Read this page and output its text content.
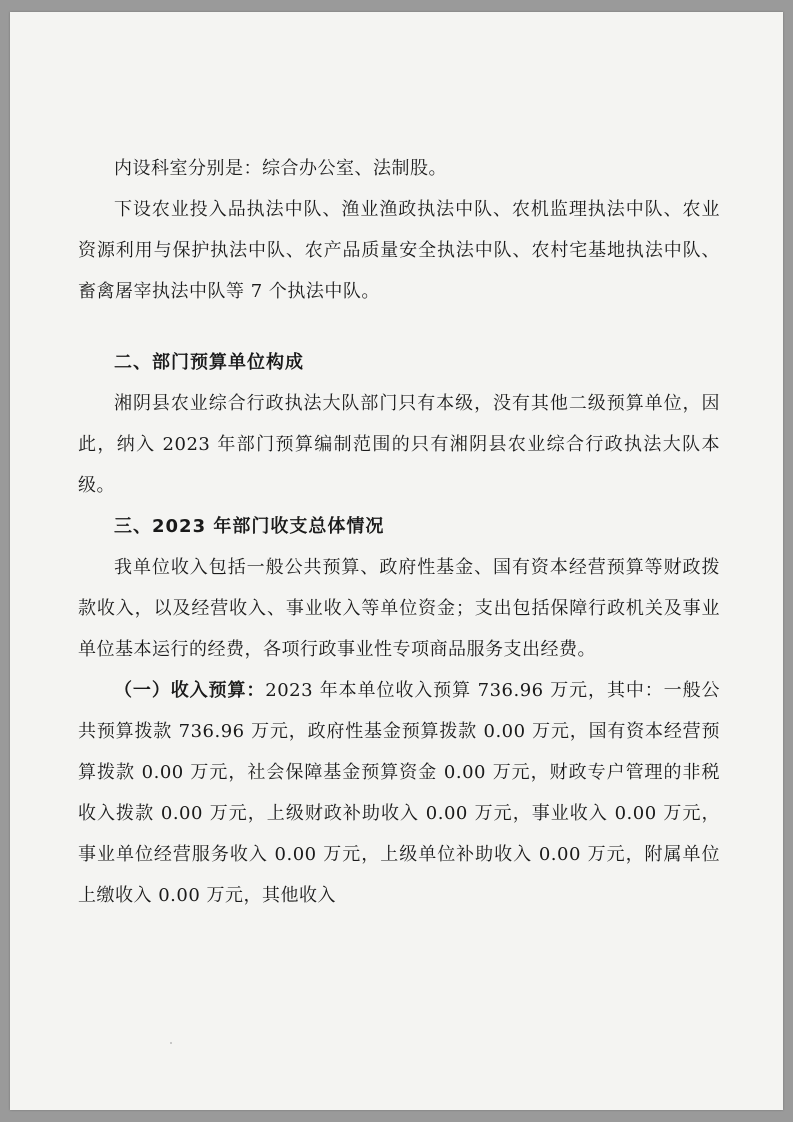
内设科室分别是：综合办公室、法制股。

下设农业投入品执法中队、渔业渔政执法中队、农机监理执法中队、农业资源利用与保护执法中队、农产品质量安全执法中队、农村宅基地执法中队、畜禽屠宰执法中队等 7 个执法中队。

二、部门预算单位构成

湘阴县农业综合行政执法大队部门只有本级，没有其他二级预算单位，因此，纳入 2023 年部门预算编制范围的只有湘阴县农业综合行政执法大队本级。

三、2023 年部门收支总体情况

我单位收入包括一般公共预算、政府性基金、国有资本经营预算等财政拨款收入，以及经营收入、事业收入等单位资金；支出包括保障行政机关及事业单位基本运行的经费，各项行政事业性专项商品服务支出经费。

（一）收入预算：2023 年本单位收入预算 736.96 万元，其中：一般公共预算拨款 736.96 万元，政府性基金预算拨款 0.00 万元，国有资本经营预算拨款 0.00 万元，社会保障基金预算资金 0.00 万元，财政专户管理的非税收入拨款 0.00 万元，上级财政补助收入 0.00 万元，事业收入 0.00 万元，事业单位经营服务收入 0.00 万元，上级单位补助收入 0.00 万元，附属单位上缴收入 0.00 万元，其他收入
